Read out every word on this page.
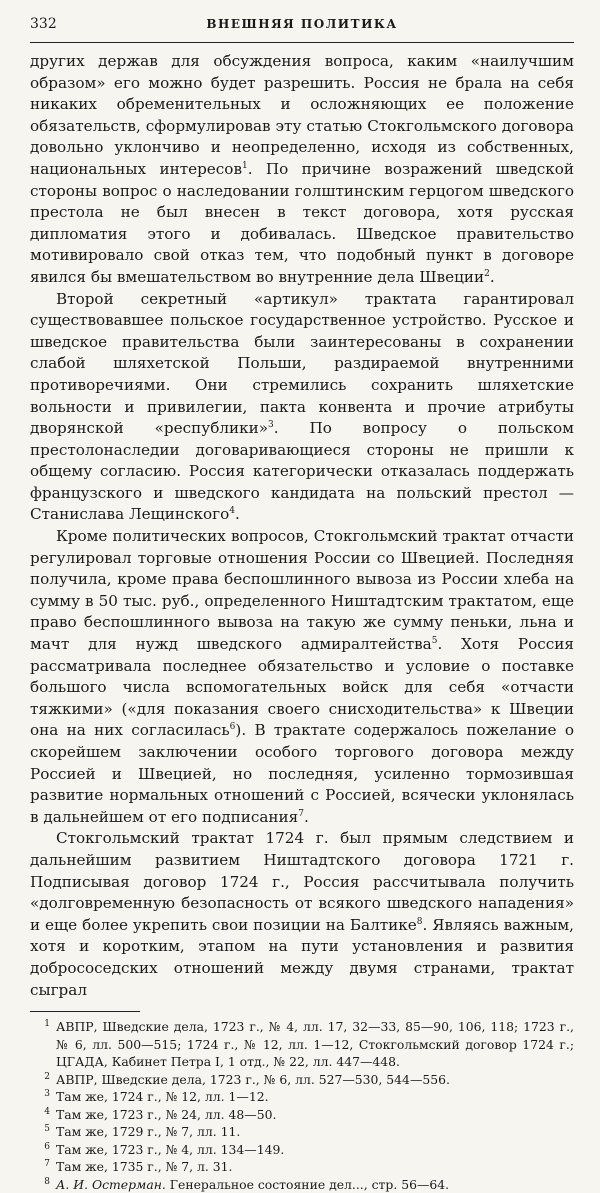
332	ВНЕШНЯЯ ПОЛИТИКА

других держав для обсуждения вопроса, каким «наилучшим образом» его можно будет разрешить. Россия не брала на себя никаких обременительных и осложняющих ее положение обязательств, сформулировав эту статью Стокгольмского договора довольно уклончиво и неопределенно, исходя из собственных, национальных интересов$^1$. По причине возражений шведской стороны вопрос о наследовании голштинским герцогом шведского престола не был внесен в текст договора, хотя русская дипломатия этого и добивалась. Шведское правительство мотивировало свой отказ тем, что подобный пункт в договоре явился бы вмешательством во внутренние дела Швеции$^2$.

Второй секретный «артикул» трактата гарантировал существовавшее польское государственное устройство. Русское и шведское правительства были заинтересованы в сохранении слабой шляхетской Польши, раздираемой внутренними противоречиями. Они стремились сохранить шляхетские вольности и привилегии, пакта конвента и прочие атрибуты дворянской «республики»$^3$. По вопросу о польском престолонаследии договаривающиеся стороны не пришли к общему согласию. Россия категорически отказалась поддержать французского и шведского кандидата на польский престол — Станислава Лещинского$^4$.

Кроме политических вопросов, Стокгольмский трактат отчасти регулировал торговые отношения России со Швецией. Последняя получила, кроме права беспошлинного вывоза из России хлеба на сумму в 50 тыс. руб., определенного Ништадтским трактатом, еще право беспошлинного вывоза на такую же сумму пеньки, льна и мачт для нужд шведского адмиралтейства$^5$. Хотя Россия рассматривала последнее обязательство и условие о поставке большого числа вспомогательных войск для себя «отчасти тяжкими» («для показания своего снисходительства» к Швеции она на них согласилась$^6$). В трактате содержалось пожелание о скорейшем заключении особого торгового договора между Россией и Швецией, но последняя, усиленно тормозившая развитие нормальных отношений с Россией, всячески уклонялась в дальнейшем от его подписания$^7$.

Стокгольмский трактат 1724 г. был прямым следствием и дальнейшим развитием Ништадтского договора 1721 г. Подписывая договор 1724 г., Россия рассчитывала получить «долговременную безопасность от всякого шведского нападения» и еще более укрепить свои позиции на Балтике$^8$. Являясь важным, хотя и коротким, этапом на пути установления и развития добрососедских отношений между двумя странами, трактат сыграл

1 АВПР, Шведские дела, 1723 г., № 4, лл. 17, 32—33, 85—90, 106, 118; 1723 г., № 6, лл. 500—515; 1724 г., № 12, лл. 1—12, Стокгольмский договор 1724 г.; ЦГАДА, Кабинет Петра I, 1 отд., № 22, лл. 447—448.

2 АВПР, Шведские дела, 1723 г., № 6, лл. 527—530, 544—556.

3 Там же, 1724 г., № 12, лл. 1—12.

4 Там же, 1723 г., № 24, лл. 48—50.

5 Там же, 1729 г., № 7, лл. 11.

6 Там же, 1723 г., № 4, лл. 134—149.

7 Там же, 1735 г., № 7, л. 31.

8 А. И. Остерман. Генеральное состояние дел..., стр. 56—64.
